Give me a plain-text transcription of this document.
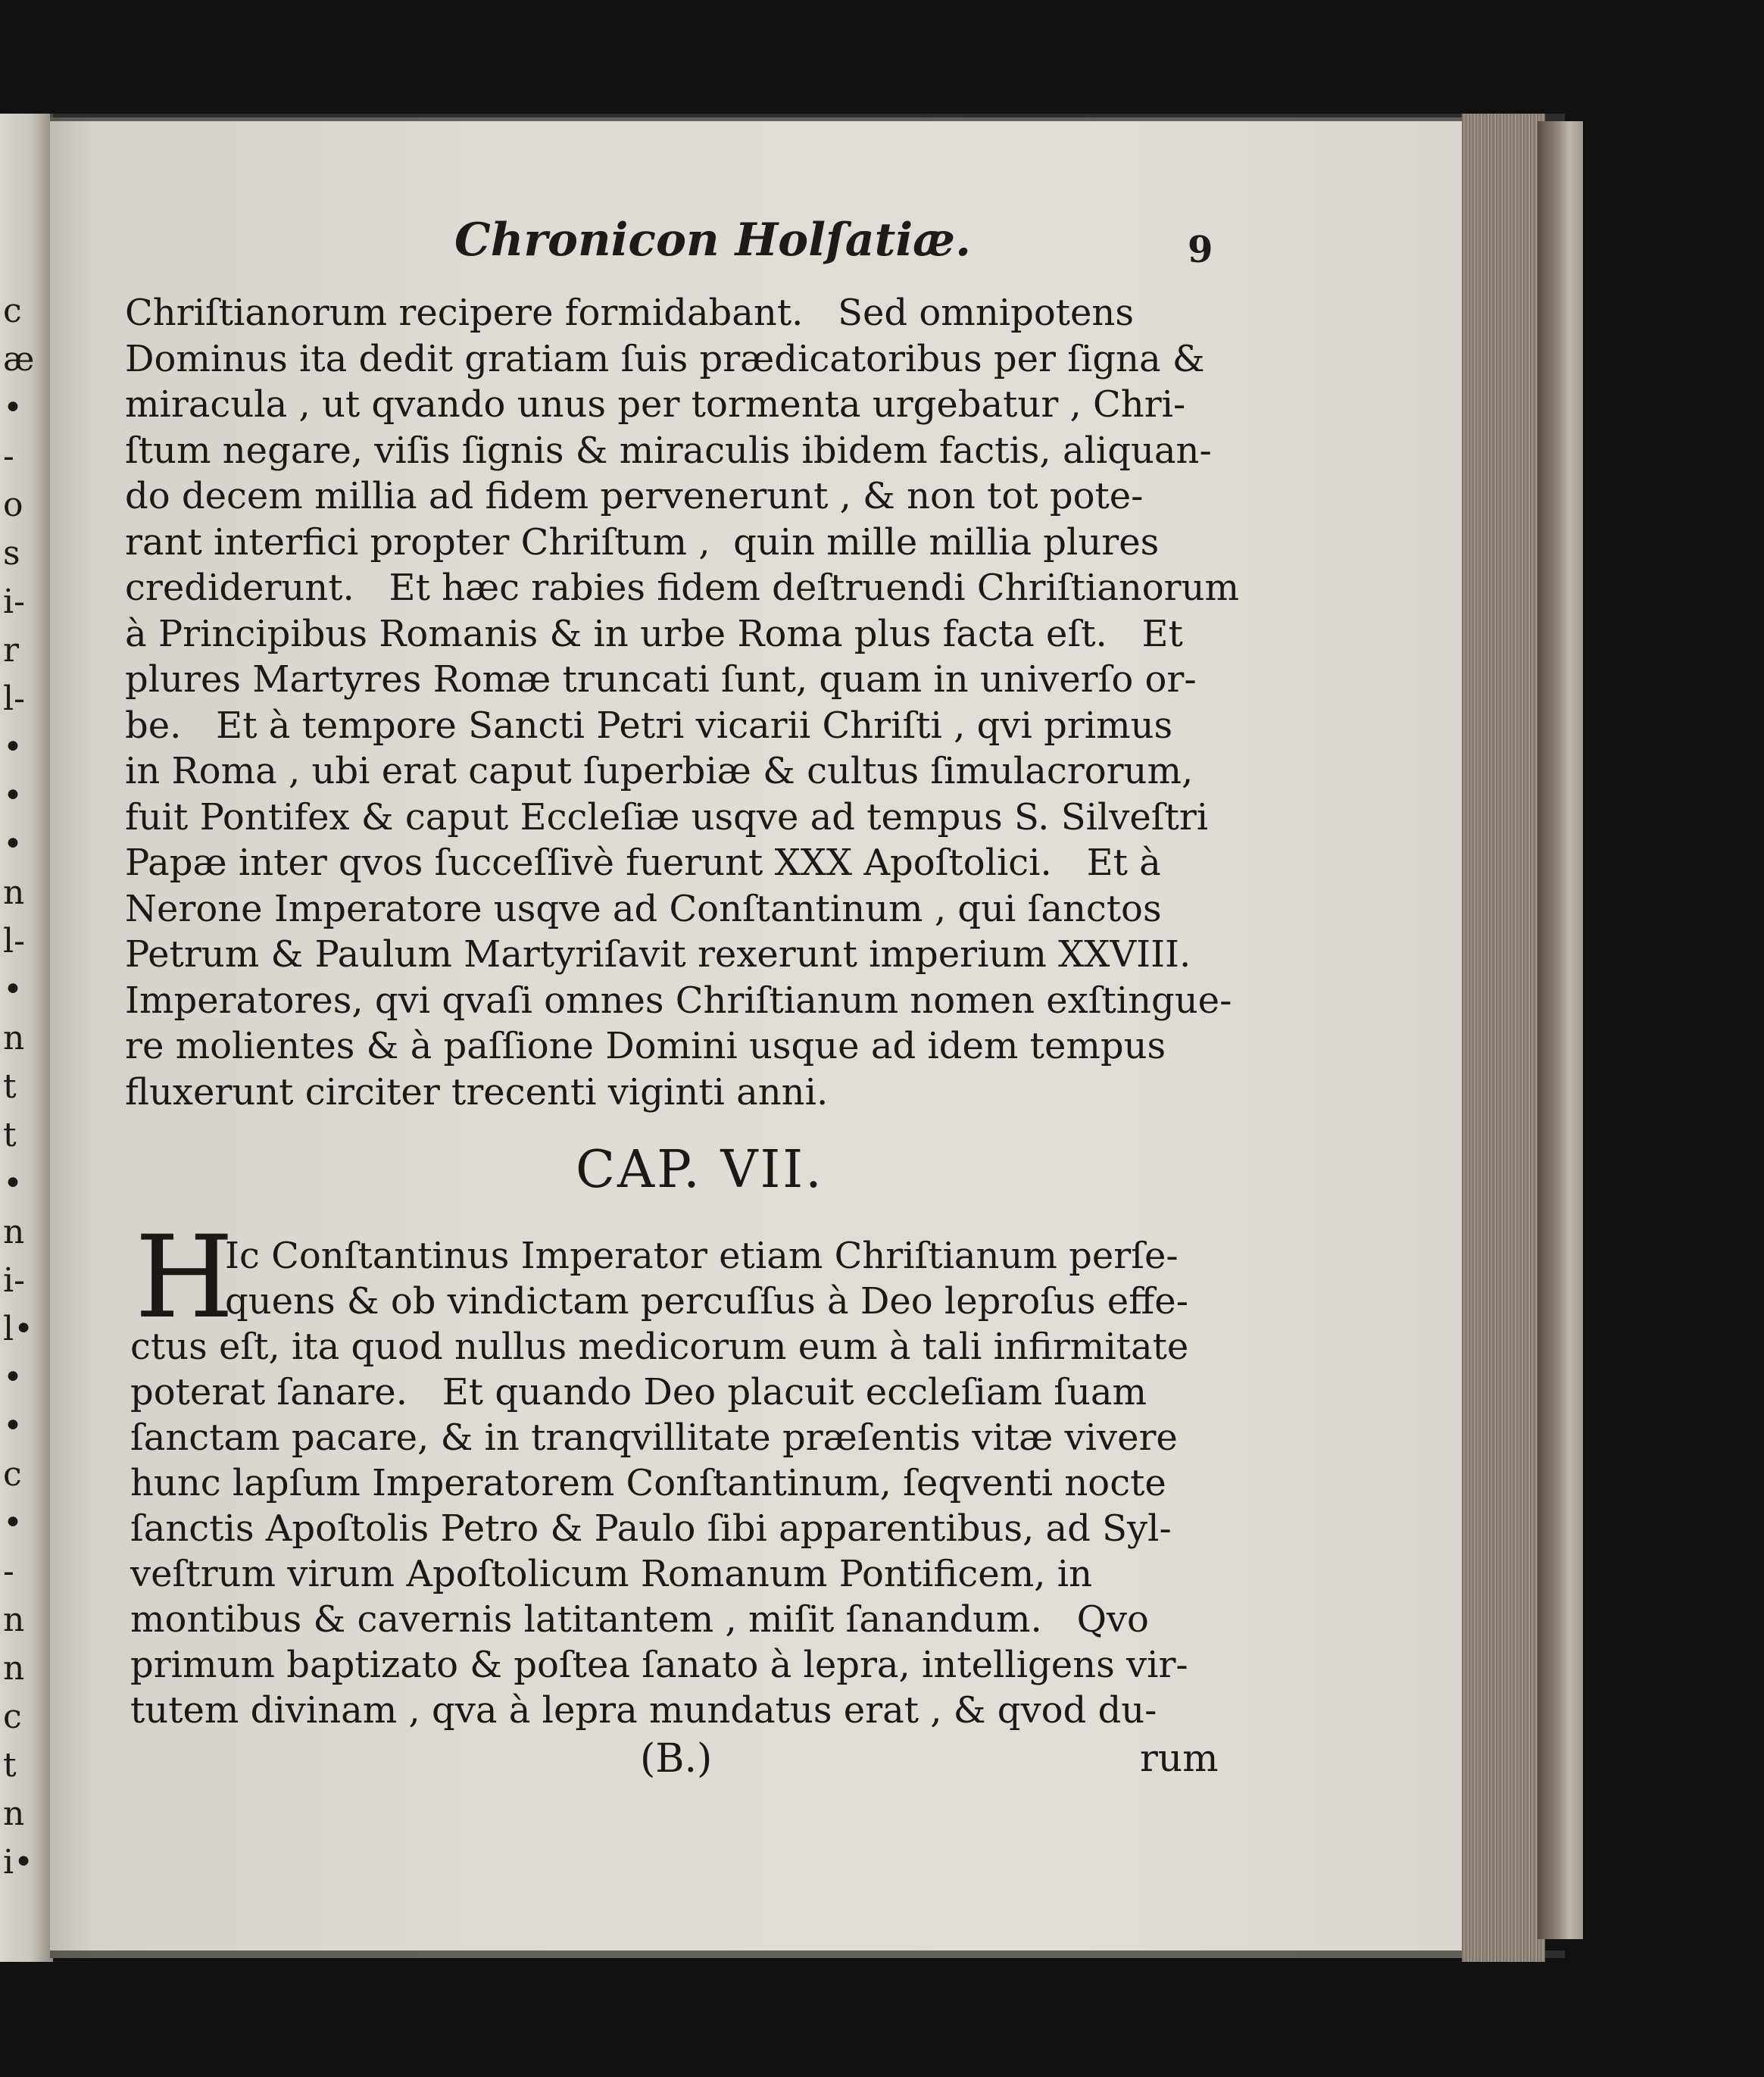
c
æ
•
‑
o
s
i‑
r
l‑
•
•
•
n
l‑
•
n
t
t
•
n
i‑
l•
•
•
c
•
‑
n
n
c
t
n
i•
Chronicon Holſatiæ.	9
Chriſtianorum recipere formidabant.   Sed omnipotens
Dominus ita dedit gratiam ſuis prædicatoribus per ſigna &
miracula , ut qvando unus per tormenta urgebatur , Chri-
ſtum negare, viſis ſignis & miraculis ibidem factis, aliquan-
do decem millia ad fidem pervenerunt , & non tot pote-
rant interfici propter Chriſtum ,  quin mille millia plures
crediderunt.   Et hæc rabies fidem deſtruendi Chriſtianorum
à Principibus Romanis & in urbe Roma plus facta eſt.   Et
plures Martyres Romæ truncati ſunt, quam in univerſo or-
be.   Et à tempore Sancti Petri vicarii Chriſti , qvi primus
in Roma , ubi erat caput ſuperbiæ & cultus ſimulacrorum,
fuit Pontifex & caput Eccleſiæ usqve ad tempus S. Silveſtri
Papæ inter qvos ſucceſſivè fuerunt XXX Apoſtolici.   Et à
Nerone Imperatore usqve ad Conſtantinum , qui ſanctos
Petrum & Paulum Martyriſavit rexerunt imperium XXVIII.
Imperatores, qvi qvaſi omnes Chriſtianum nomen exſtingue-
re molientes & à paſſione Domini usque ad idem tempus
fluxerunt circiter trecenti viginti anni.
CAP. VII.
H
Ic Conſtantinus Imperator etiam Chriſtianum perſe-
quens & ob vindictam percuſſus à Deo leproſus effe-
ctus eſt, ita quod nullus medicorum eum à tali infirmitate
poterat ſanare.   Et quando Deo placuit eccleſiam ſuam
ſanctam pacare, & in tranqvillitate præſentis vitæ vivere
hunc lapſum Imperatorem Conſtantinum, ſeqventi nocte
ſanctis Apoſtolis Petro & Paulo ſibi apparentibus, ad Syl-
veſtrum virum Apoſtolicum Romanum Pontificem, in
montibus & cavernis latitantem , miſit ſanandum.   Qvo
primum baptizato & poſtea ſanato à lepra, intelligens vir-
tutem divinam , qva à lepra mundatus erat , & qvod du-
(B.)	rum
